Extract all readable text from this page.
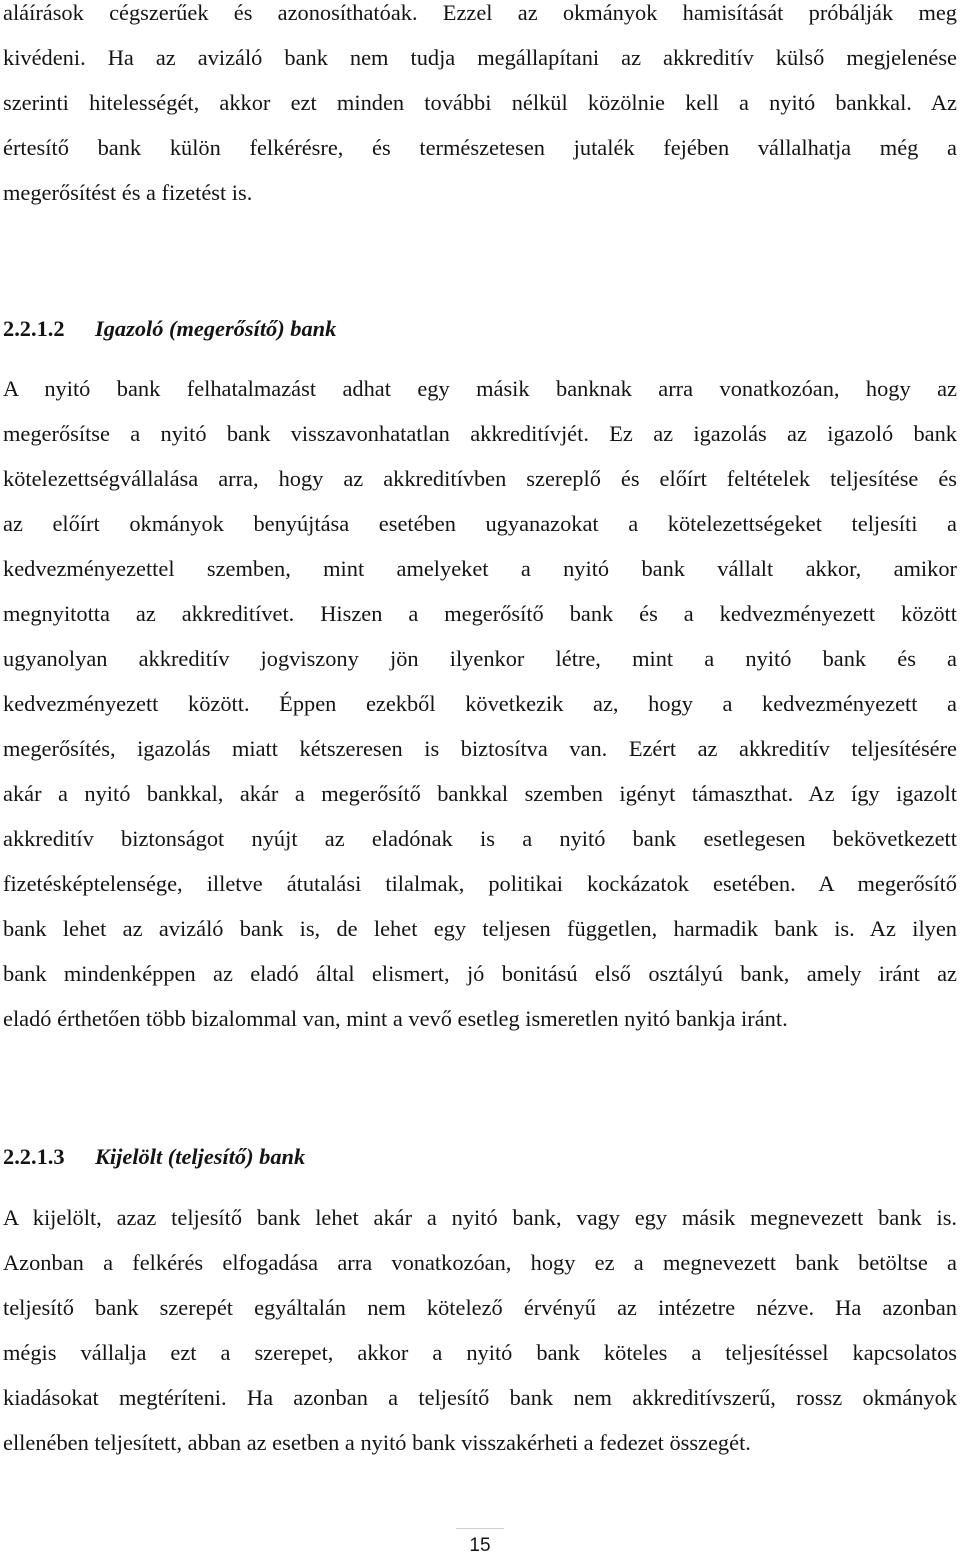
aláírások cégszerűek és azonosíthatóak. Ezzel az okmányok hamisítását próbálják meg
kivédeni. Ha az avizáló bank nem tudja megállapítani az akkreditív külső megjelenése
szerinti hitelességét, akkor ezt minden további nélkül közölnie kell a nyitó bankkal. Az
értesítő bank külön felkérésre, és természetesen jutalék fejében vállalhatja még a
megerősítést és a fizetést is.
2.2.1.2 Igazoló (megerősítő) bank
A nyitó bank felhatalmazást adhat egy másik banknak arra vonatkozóan, hogy az
megerősítse a nyitó bank visszavonhatatlan akkreditívjét. Ez az igazolás az igazoló bank
kötelezettségvállalása arra, hogy az akkreditívben szereplő és előírt feltételek teljesítése és
az előírt okmányok benyújtása esetében ugyanazokat a kötelezettségeket teljesíti a
kedvezményezettel szemben, mint amelyeket a nyitó bank vállalt akkor, amikor
megnyitotta az akkreditívet. Hiszen a megerősítő bank és a kedvezményezett között
ugyanolyan akkreditív jogviszony jön ilyenkor létre, mint a nyitó bank és a
kedvezményezett között. Éppen ezekből következik az, hogy a kedvezményezett a
megerősítés, igazolás miatt kétszeresen is biztosítva van. Ezért az akkreditív teljesítésére
akár a nyitó bankkal, akár a megerősítő bankkal szemben igényt támaszthat. Az így igazolt
akkreditív biztonságot nyújt az eladónak is a nyitó bank esetlegesen bekövetkezett
fizetésképtelensége, illetve átutalási tilalmak, politikai kockázatok esetében. A megerősítő
bank lehet az avizáló bank is, de lehet egy teljesen független, harmadik bank is. Az ilyen
bank mindenképpen az eladó által elismert, jó bonitású első osztályú bank, amely iránt az
eladó érthetően több bizalommal van, mint a vevő esetleg ismeretlen nyitó bankja iránt.
2.2.1.3 Kijelölt (teljesítő) bank
A kijelölt, azaz teljesítő bank lehet akár a nyitó bank, vagy egy másik megnevezett bank is.
Azonban a felkérés elfogadása arra vonatkozóan, hogy ez a megnevezett bank betöltse a
teljesítő bank szerepét egyáltalán nem kötelező érvényű az intézetre nézve. Ha azonban
mégis vállalja ezt a szerepet, akkor a nyitó bank köteles a teljesítéssel kapcsolatos
kiadásokat megtéríteni. Ha azonban a teljesítő bank nem akkreditívszerű, rossz okmányok
ellenében teljesített, abban az esetben a nyitó bank visszakérheti a fedezet összegét.
15
